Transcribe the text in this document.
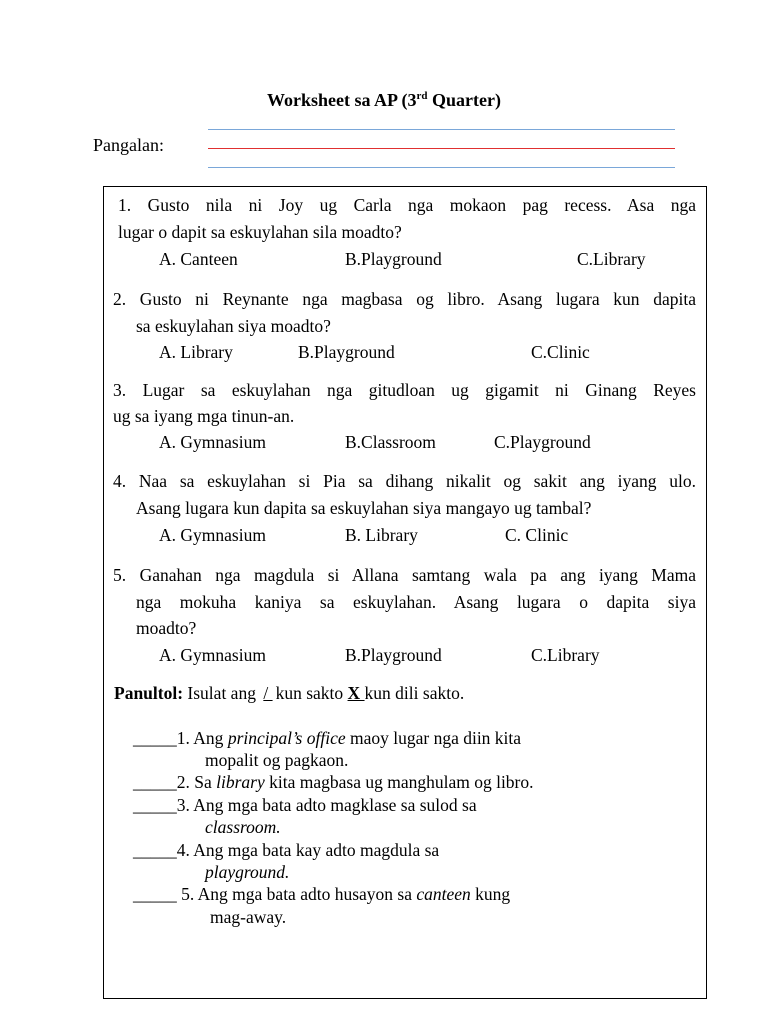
Worksheet sa AP (3rd Quarter)
Pangalan:
1. Gusto nila ni Joy ug Carla nga mokaon pag recess. Asa nga
lugar o dapit sa eskuylahan sila moadto?
A. Canteen	B.Playground	C.Library
2. Gusto ni Reynante nga magbasa og libro. Asang lugara kun dapita
sa eskuylahan siya moadto?
A. Library	B.Playground	C.Clinic
3. Lugar sa eskuylahan nga gitudloan ug gigamit ni Ginang Reyes
ug sa iyang mga tinun-an.
A. Gymnasium	B.Classroom	C.Playground
4. Naa sa eskuylahan si Pia sa dihang nikalit og sakit ang iyang ulo.
Asang lugara kun dapita sa eskuylahan siya mangayo ug tambal?
A. Gymnasium	B. Library	C. Clinic
5. Ganahan nga magdula si Allana samtang wala pa ang iyang Mama
nga mokuha kaniya sa eskuylahan. Asang lugara o dapita siya
moadto?
A. Gymnasium	B.Playground	C.Library
Panultol: Isulat ang / kun sakto X kun dili sakto.
_____1. Ang principal’s office maoy lugar nga diin kita
mopalit og pagkaon.
_____2. Sa library kita magbasa ug manghulam og libro.
_____3. Ang mga bata adto magklase sa sulod sa
classroom.
_____4. Ang mga bata kay adto magdula sa
playground.
_____ 5. Ang mga bata adto husayon sa canteen kung
mag-away.
